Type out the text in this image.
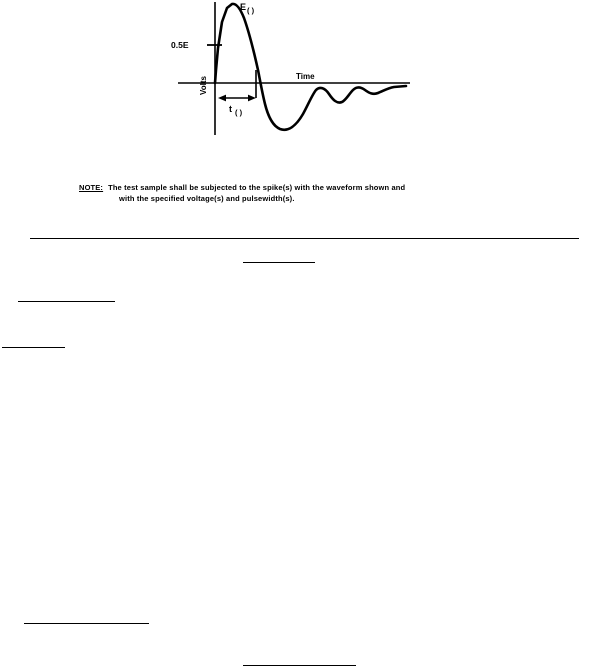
E ( )
0.5E
Volts	Time
t ( )
NOTE: The test sample shall be subjected to the spike(s) with the waveform shown and
with the specified voltage(s) and pulsewidth(s).
